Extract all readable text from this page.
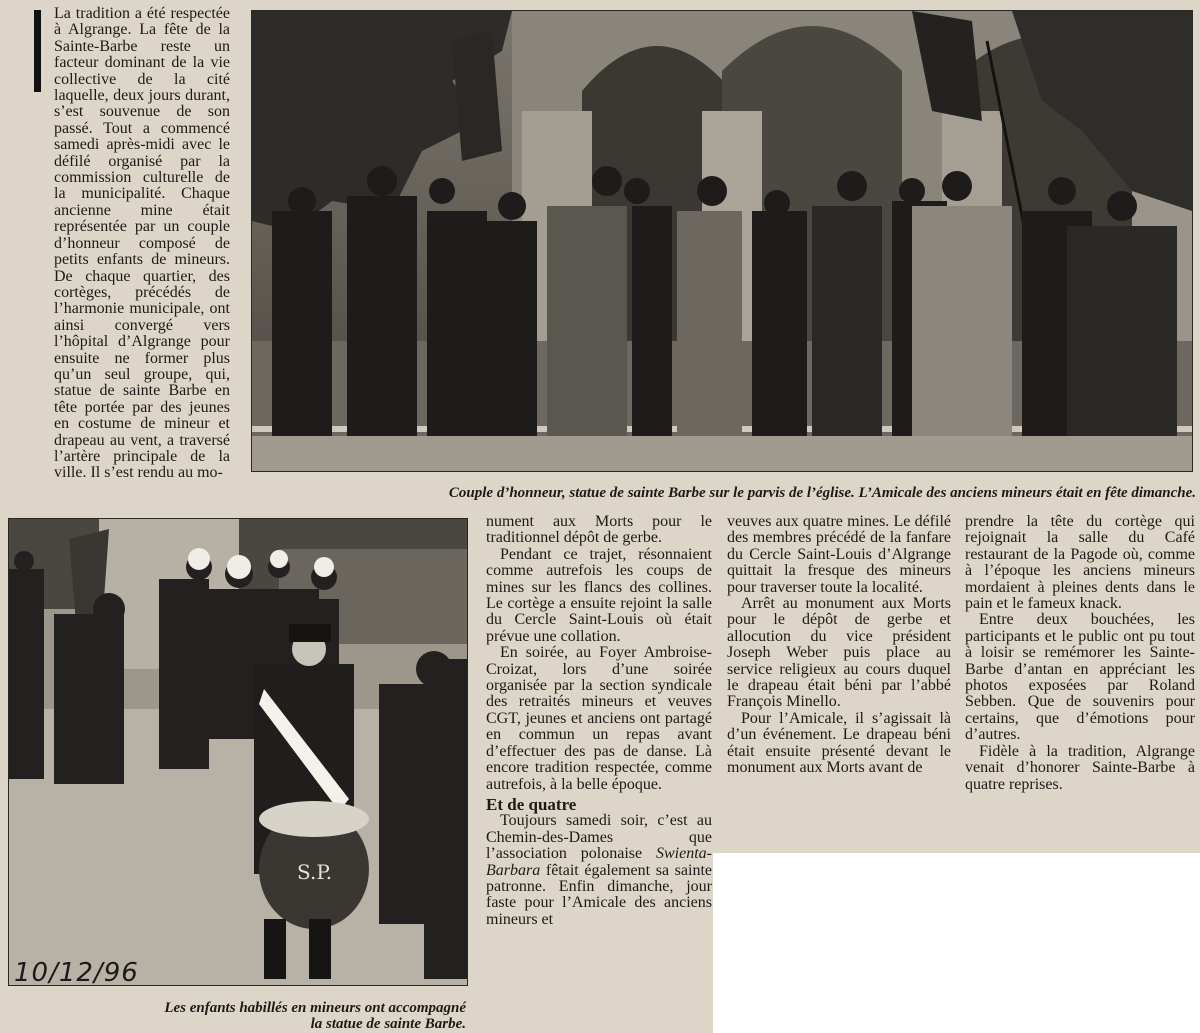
La tradition a été respectée à Algrange. La fête de la Sainte-Barbe reste un facteur dominant de la vie collective de la cité laquelle, deux jours durant, s’est souvenue de son passé. Tout a commencé samedi après-midi avec le défilé organisé par la commission culturelle de la municipalité. Chaque ancienne mine était représentée par un couple d’honneur composé de petits enfants de mineurs. De chaque quartier, des cortèges, précédés de l’harmonie municipale, ont ainsi convergé vers l’hôpital d’Algrange pour ensuite ne former plus qu’un seul groupe, qui, statue de sainte Barbe en tête portée par des jeunes en costume de mineur et drapeau au vent, a traversé l’artère principale de la ville. Il s’est rendu au mo-

Couple d’honneur, statue de sainte Barbe sur le parvis de l’église. L’Amicale des anciens mineurs était en fête dimanche.
S.P.
10/12/96
Les enfants habillés en mineurs ont accompagné
la statue de sainte Barbe.

nument aux Morts pour le traditionnel dépôt de gerbe.

Pendant ce trajet, résonnaient comme autrefois les coups de mines sur les flancs des collines. Le cortège a ensuite rejoint la salle du Cercle Saint-Louis où était prévue une collation.

En soirée, au Foyer Ambroise-Croizat, lors d’une soirée organisée par la section syndicale des retraités mineurs et veuves CGT, jeunes et anciens ont partagé en commun un repas avant d’effectuer des pas de danse. Là encore tradition respectée, comme autrefois, à la belle époque.

Et de quatre

Toujours samedi soir, c’est au Chemin-des-Dames que l’association polonaise Swienta-Barbara fêtait également sa sainte patronne. Enfin dimanche, jour faste pour l’Amicale des anciens mineurs et

veuves aux quatre mines. Le défilé des membres précédé de la fanfare du Cercle Saint-Louis d’Algrange quittait la fresque des mineurs pour traverser toute la localité.

Arrêt au monument aux Morts pour le dépôt de gerbe et allocution du vice président Joseph Weber puis place au service religieux au cours duquel le drapeau était béni par l’abbé François Minello.

Pour l’Amicale, il s’agissait là d’un événement. Le drapeau béni était ensuite présenté devant le monument aux Morts avant de

prendre la tête du cortège qui rejoignait la salle du Café restaurant de la Pagode où, comme à l’époque les anciens mineurs mordaient à pleines dents dans le pain et le fameux knack.

Entre deux bouchées, les participants et le public ont pu tout à loisir se remémorer les Sainte-Barbe d’antan en appréciant les photos exposées par Roland Sebben. Que de souvenirs pour certains, que d’émotions pour d’autres.

Fidèle à la tradition, Algrange venait d’honorer Sainte-Barbe à quatre reprises.
